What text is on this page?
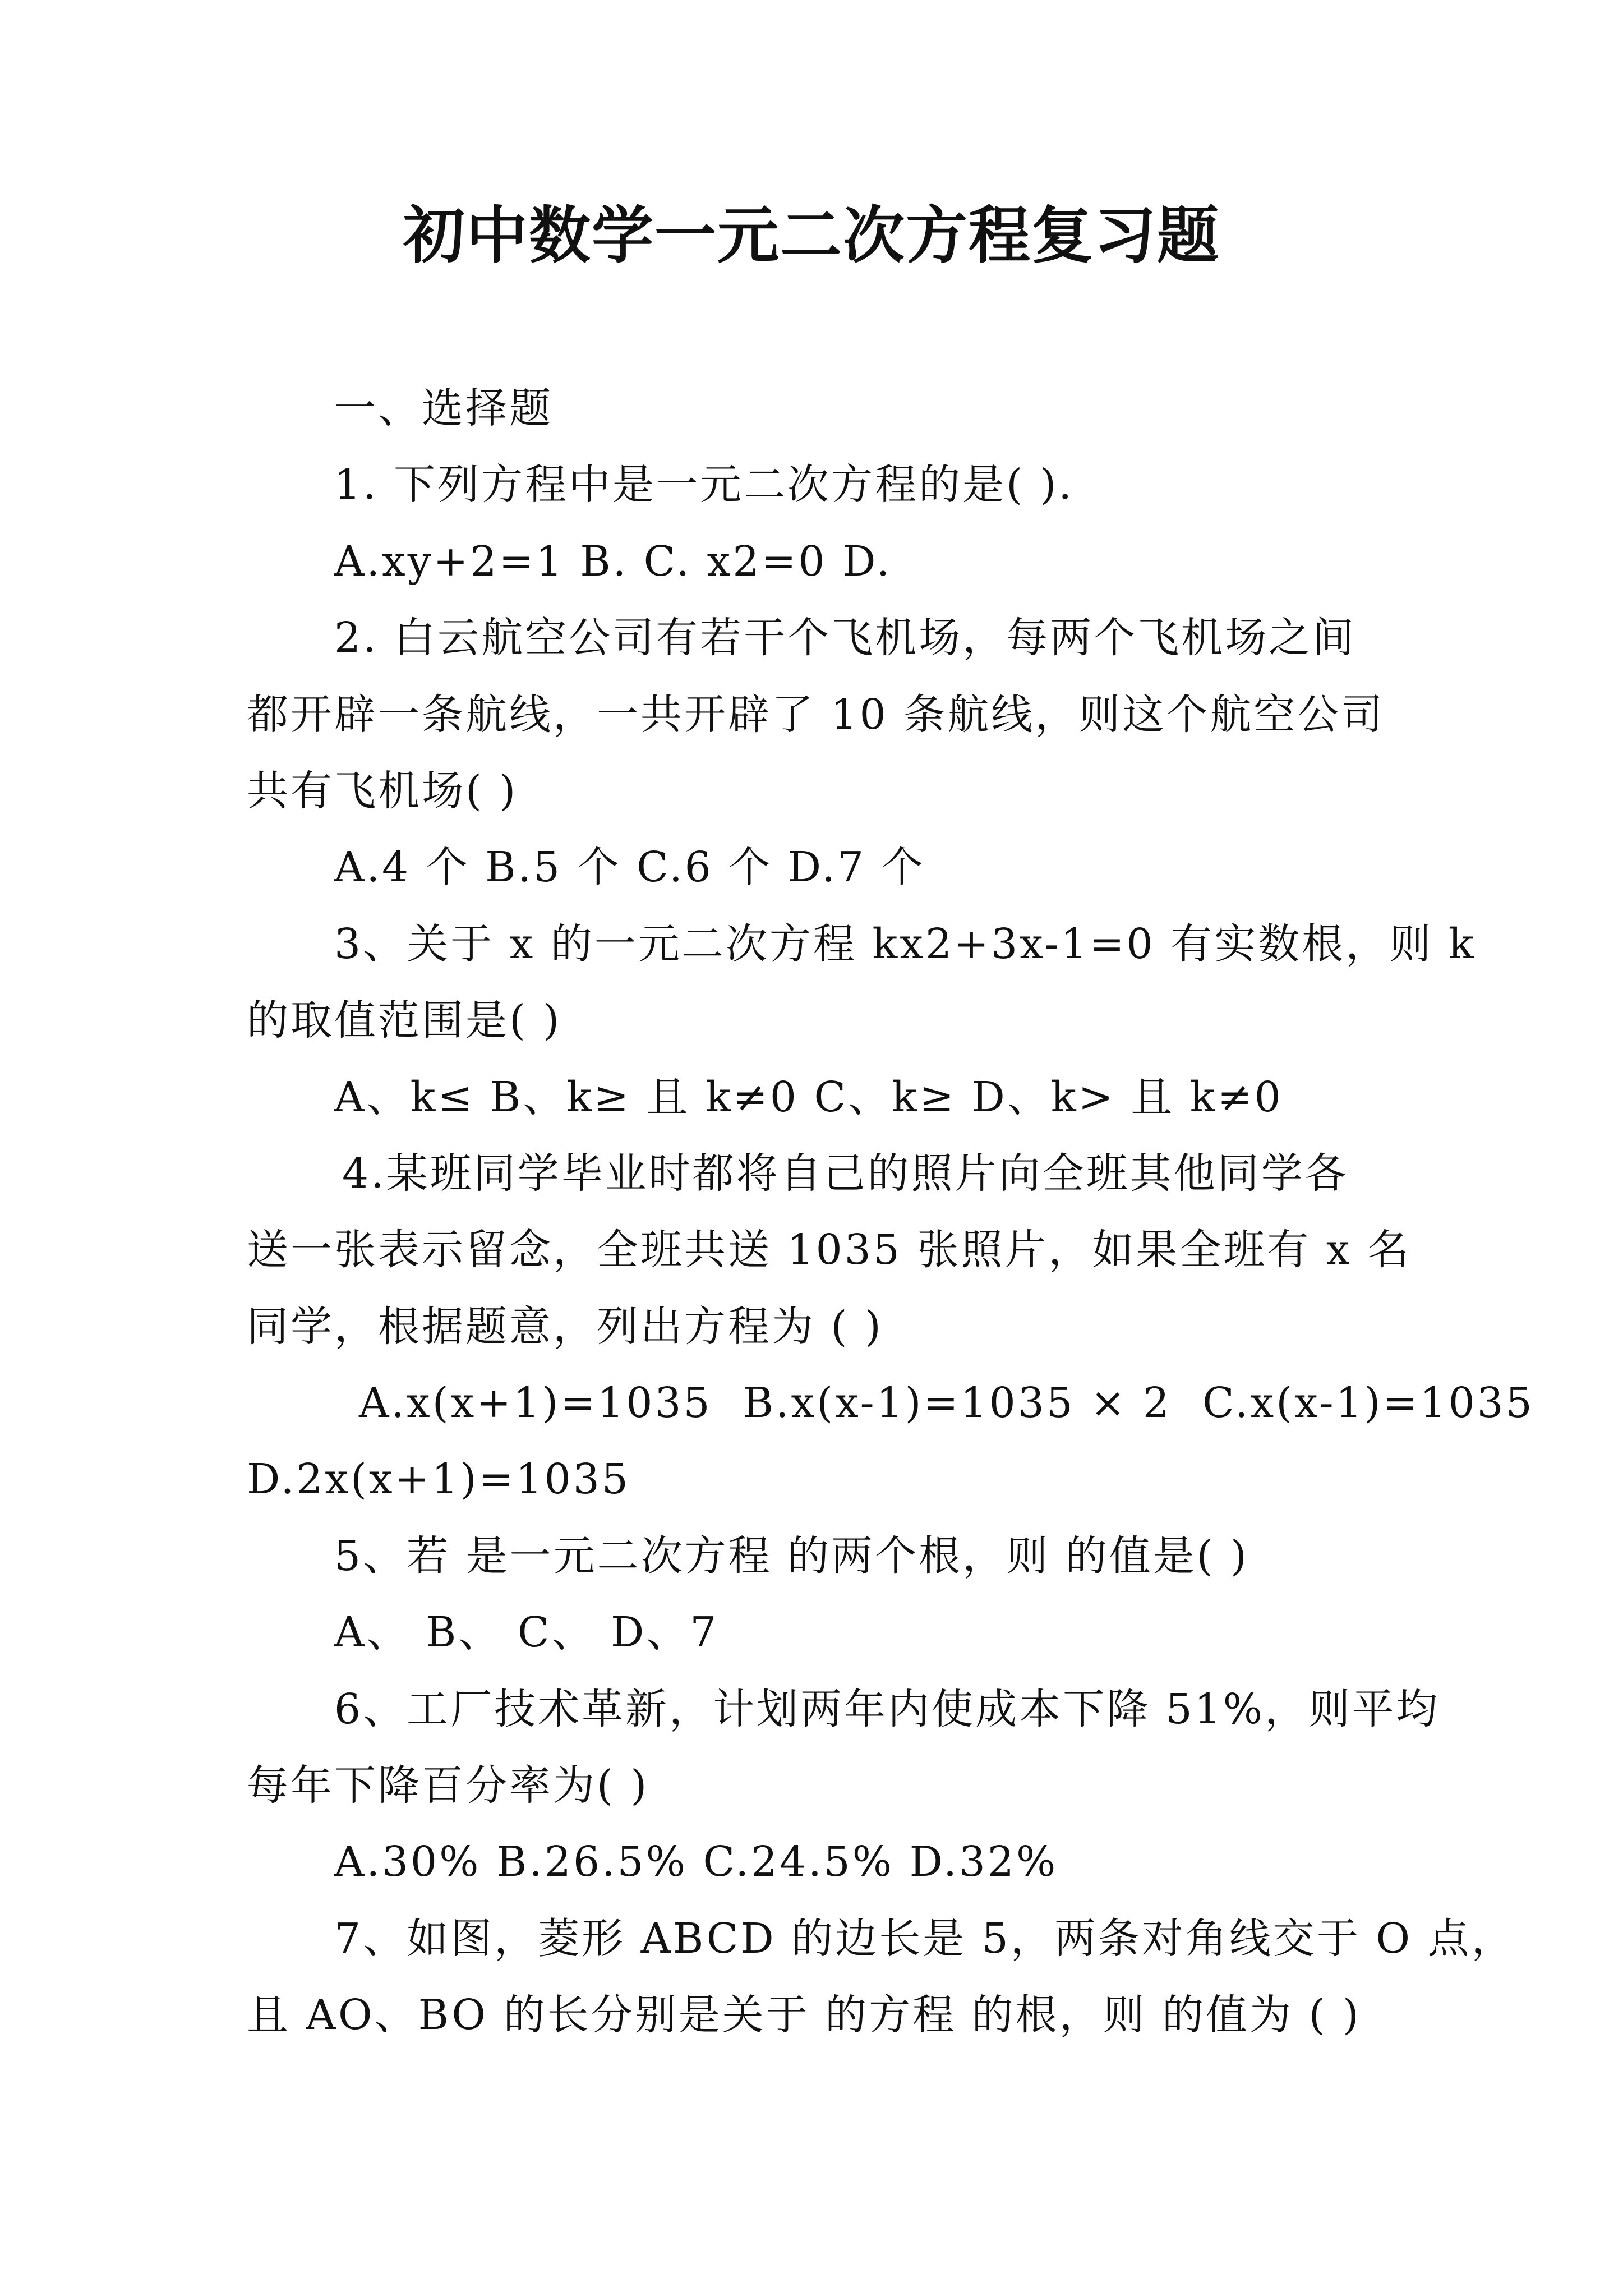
初中数学一元二次方程复习题
一、选择题
1. 下列方程中是一元二次方程的是( ).
A.xy+2=1 B. C. x2=0 D.
2. 白云航空公司有若干个飞机场，每两个飞机场之间
都开辟一条航线，一共开辟了 10 条航线，则这个航空公司
共有飞机场( )
A.4 个 B.5 个 C.6 个 D.7 个
3、关于 x 的一元二次方程 kx2+3x-1=0 有实数根，则 k
的取值范围是( )
A、k≤ B、k≥ 且 k≠0 C、k≥ D、k> 且 k≠0
4.某班同学毕业时都将自己的照片向全班其他同学各
送一张表示留念，全班共送 1035 张照片，如果全班有 x 名
同学，根据题意，列出方程为 ( )
A.x(x+1)=1035  B.x(x-1)=1035 × 2  C.x(x-1)=1035
D.2x(x+1)=1035
5、若 是一元二次方程 的两个根，则 的值是( )
A、 B、 C、 D、7
6、工厂技术革新，计划两年内使成本下降 51%，则平均
每年下降百分率为( )
A.30% B.26.5% C.24.5% D.32%
7、如图，菱形 ABCD 的边长是 5，两条对角线交于 O 点，
且 AO、BO 的长分别是关于 的方程 的根，则 的值为 ( )
